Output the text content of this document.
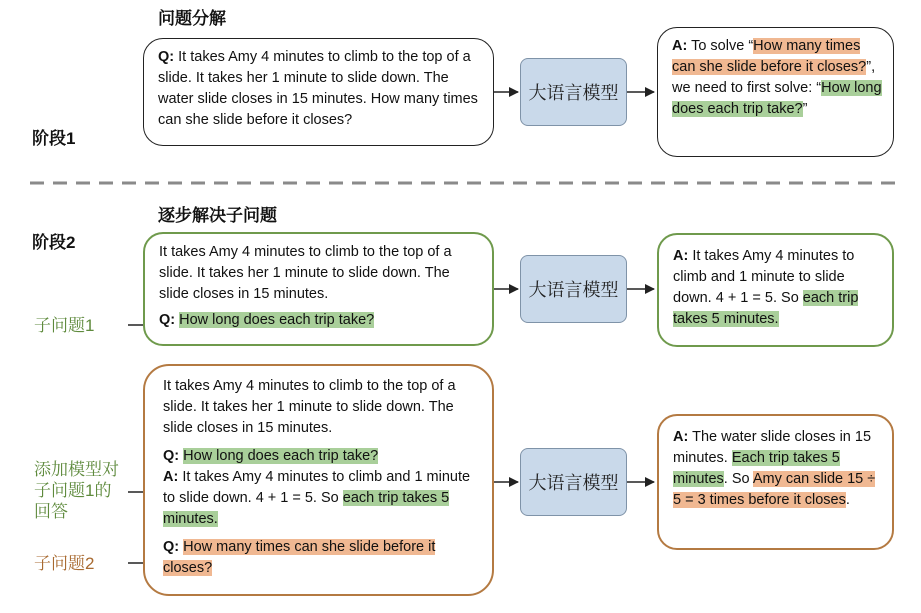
问题分解
阶段1
逐步解决子问题
阶段2

Q: It takes Amy 4 minutes to climb to the top of a slide. It takes her 1 minute to slide down. The water slide closes in 15 minutes. How many times can she slide before it closes?

大语言模型

A: To solve “How many times can she slide before it closes?”, we need to first solve: “How long does each trip take?”

It takes Amy 4 minutes to climb to the top of a slide. It takes her 1 minute to slide down. The slide closes in 15 minutes.

Q: How long does each trip take?

大语言模型

A: It takes Amy 4 minutes to climb and 1 minute to slide down. 4 + 1 = 5. So each trip takes 5 minutes.

子问题1

It takes Amy 4 minutes to climb to the top of a slide. It takes her 1 minute to slide down. The slide closes in 15 minutes.

Q: How long does each trip take?

A: It takes Amy 4 minutes to climb and 1 minute to slide down. 4 + 1 = 5. So each trip takes 5 minutes.

Q: How many times can she slide before it closes?

大语言模型

A: The water slide closes in 15 minutes. Each trip takes 5 minutes. So Amy can slide 15 ÷ 5 = 3 times before it closes.

添加模型对
子问题1的
回答
子问题2
